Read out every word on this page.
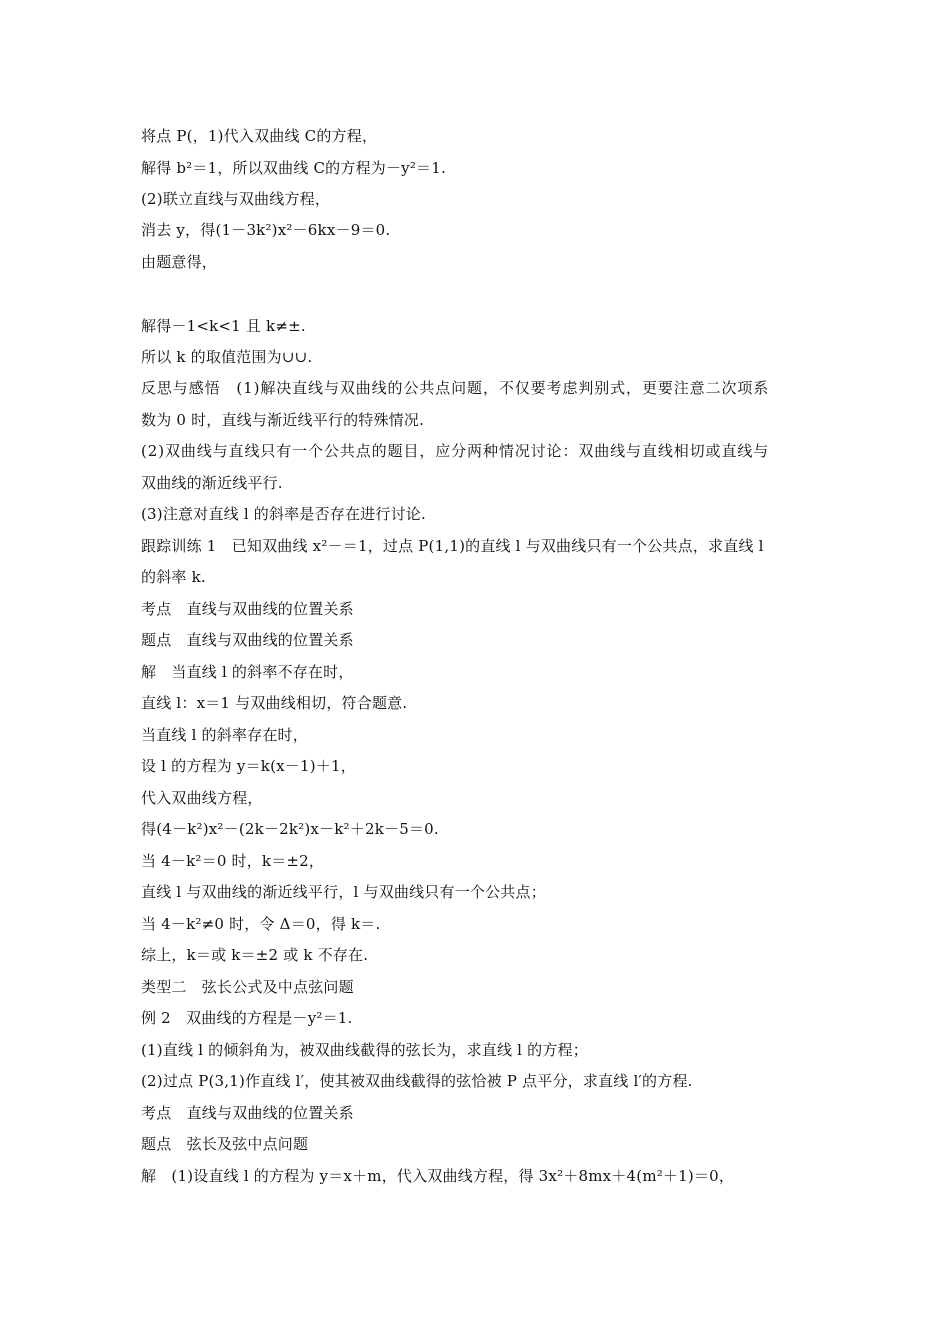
将点 P(，1)代入双曲线 C的方程，
解得 b²＝1，所以双曲线 C的方程为－y²＝1.
(2)联立直线与双曲线方程，
消去 y，得(1－3k²)x²－6kx－9＝0.
由题意得，
解得－1<k<1 且 k≠±.
所以 k 的取值范围为∪∪.
反思与感悟　(1)解决直线与双曲线的公共点问题，不仅要考虑判别式，更要注意二次项系
数为 0 时，直线与渐近线平行的特殊情况.
(2)双曲线与直线只有一个公共点的题目，应分两种情况讨论：双曲线与直线相切或直线与
双曲线的渐近线平行.
(3)注意对直线 l 的斜率是否存在进行讨论.
跟踪训练 1　已知双曲线 x²－＝1，过点 P(1,1)的直线 l 与双曲线只有一个公共点，求直线 l
的斜率 k.
考点　直线与双曲线的位置关系
题点　直线与双曲线的位置关系
解　当直线 l 的斜率不存在时，
直线 l：x＝1 与双曲线相切，符合题意.
当直线 l 的斜率存在时，
设 l 的方程为 y＝k(x－1)＋1，
代入双曲线方程，
得(4－k²)x²－(2k－2k²)x－k²＋2k－5＝0.
当 4－k²＝0 时，k＝±2，
直线 l 与双曲线的渐近线平行，l 与双曲线只有一个公共点；
当 4－k²≠0 时，令 Δ＝0，得 k＝.
综上，k＝或 k＝±2 或 k 不存在.
类型二　弦长公式及中点弦问题
例 2　双曲线的方程是－y²＝1.
(1)直线 l 的倾斜角为，被双曲线截得的弦长为，求直线 l 的方程；
(2)过点 P(3,1)作直线 l′，使其被双曲线截得的弦恰被 P 点平分，求直线 l′的方程.
考点　直线与双曲线的位置关系
题点　弦长及弦中点问题
解　(1)设直线 l 的方程为 y＝x＋m，代入双曲线方程，得 3x²＋8mx＋4(m²＋1)＝0，
